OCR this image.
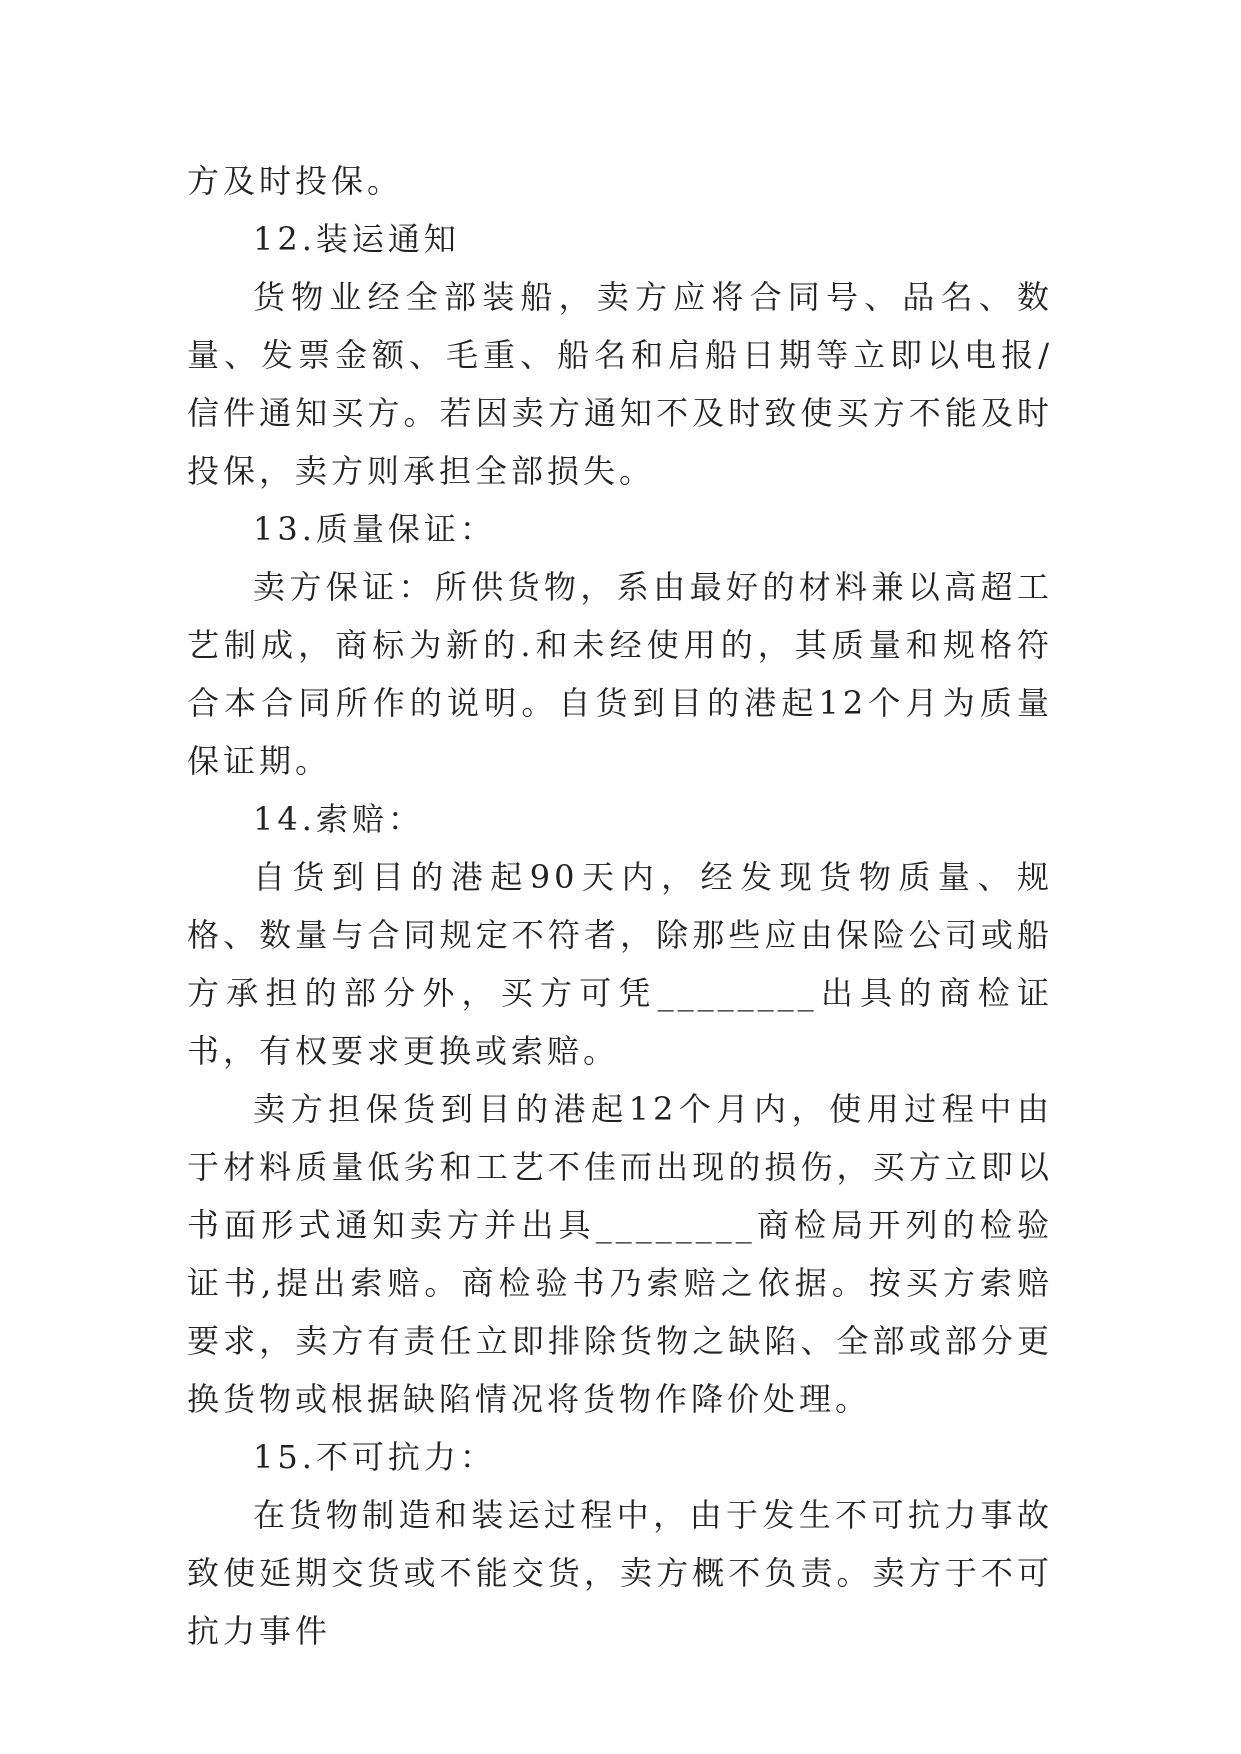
方及时投保。

12.装运通知

货物业经全部装船，卖方应将合同号、品名、数量、发票金额、毛重、船名和启船日期等立即以电报/信件通知买方。若因卖方通知不及时致使买方不能及时投保，卖方则承担全部损失。

13.质量保证：

卖方保证：所供货物，系由最好的材料兼以高超工艺制成，商标为新的.和未经使用的，其质量和规格符合本合同所作的说明。自货到目的港起12个月为质量保证期。

14.索赔：

自货到目的港起90天内，经发现货物质量、规格、数量与合同规定不符者，除那些应由保险公司或船方承担的部分外，买方可凭________出具的商检证书，有权要求更换或索赔。

卖方担保货到目的港起12个月内，使用过程中由于材料质量低劣和工艺不佳而出现的损伤，买方立即以书面形式通知卖方并出具________商检局开列的检验证书,提出索赔。商检验书乃索赔之依据。按买方索赔要求，卖方有责任立即排除货物之缺陷、全部或部分更换货物或根据缺陷情况将货物作降价处理。

15.不可抗力：

在货物制造和装运过程中，由于发生不可抗力事故致使延期交货或不能交货，卖方概不负责。卖方于不可抗力事件
